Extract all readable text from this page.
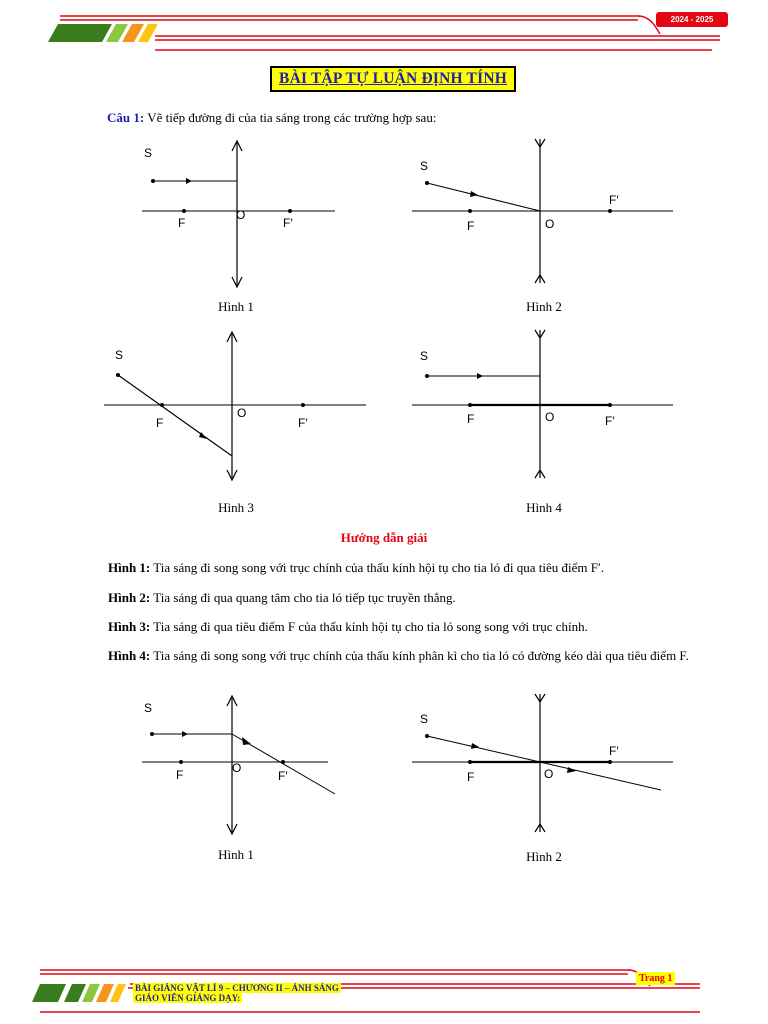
2024 - 2025
BÀI TẬP TỰ LUẬN ĐỊNH TÍNH
Câu 1: Vẽ tiếp đường đi của tia sáng trong các trường hợp sau:
S
F
O
F′
Hình 1
S
F	O
F′
Hình 2
S
F
O
F′
Hình 3
S
F	O	F′
Hình 4
Hướng dẫn giải
Hình 1: Tia sáng đi song song với trục chính của thấu kính hội tụ cho tia ló đi qua tiêu điểm F′.
Hình 2: Tia sáng đi qua quang tâm cho tia ló tiếp tục truyền thẳng.
Hình 3: Tia sáng đi qua tiêu điểm F của thấu kính hội tụ cho tia ló song song với trục chính.
Hình 4: Tia sáng đi song song với trục chính của thấu kính phân kì cho tia ló có đường kéo dài qua tiêu điểm F.
S
F	O
F′
Hình 1
S
F	O
F′
Hình 2
BÀI GIẢNG VẬT LÍ 9 – CHƯƠNG II – ÁNH SÁNG
GIÁO VIÊN GIẢNG DẠY:
Trang 1
